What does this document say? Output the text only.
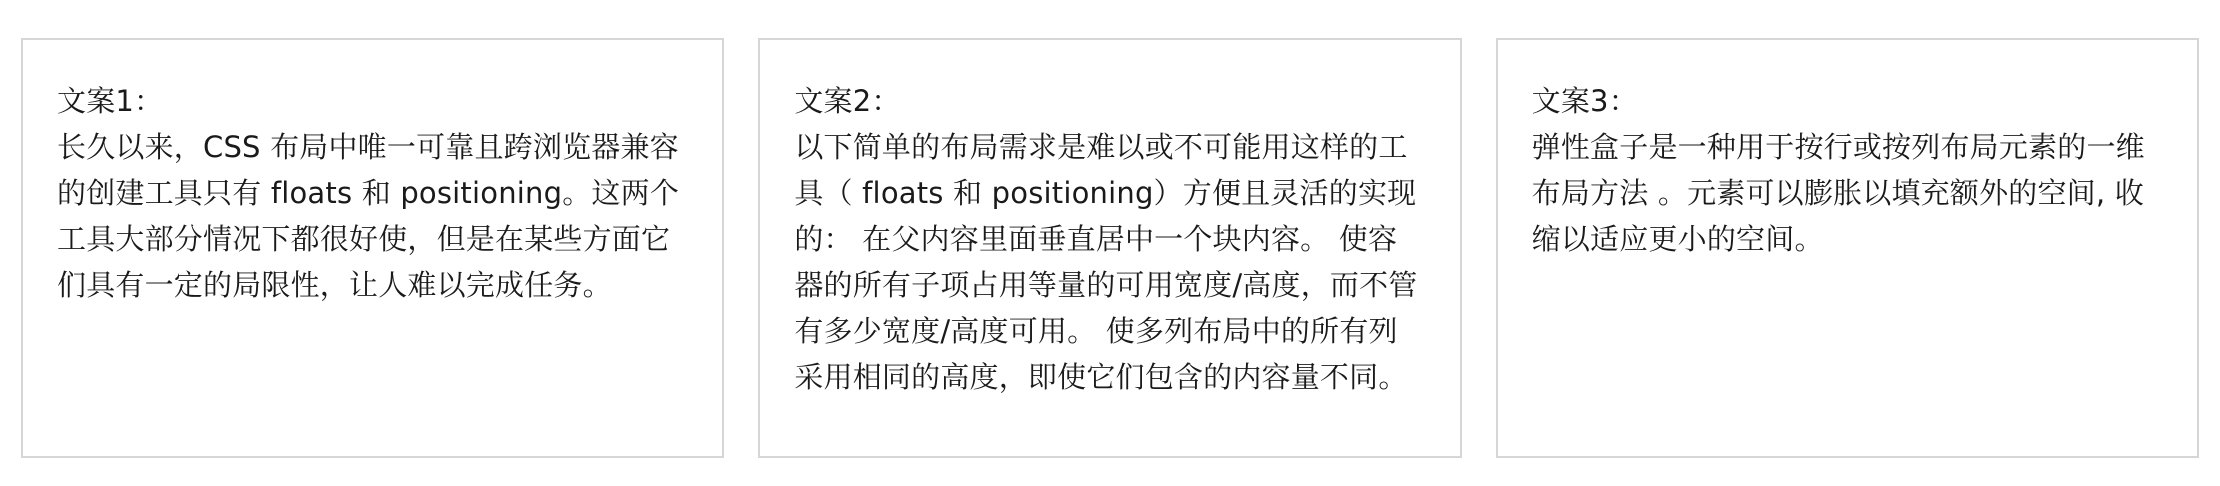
文案1：

长久以来，CSS 布局中唯一可靠且跨浏览器兼容的创建工具只有 floats 和 positioning。这两个工具大部分情况下都很好使，但是在某些方面它们具有一定的局限性，让人难以完成任务。

文案2：

以下简单的布局需求是难以或不可能用这样的工具（ floats 和 positioning）方便且灵活的实现的： 在父内容里面垂直居中一个块内容。 使容器的所有子项占用等量的可用宽度/高度，而不管有多少宽度/高度可用。 使多列布局中的所有列采用相同的高度，即使它们包含的内容量不同。

文案3：

弹性盒子是一种用于按行或按列布局元素的一维布局方法 。元素可以膨胀以填充额外的空间, 收缩以适应更小的空间。
